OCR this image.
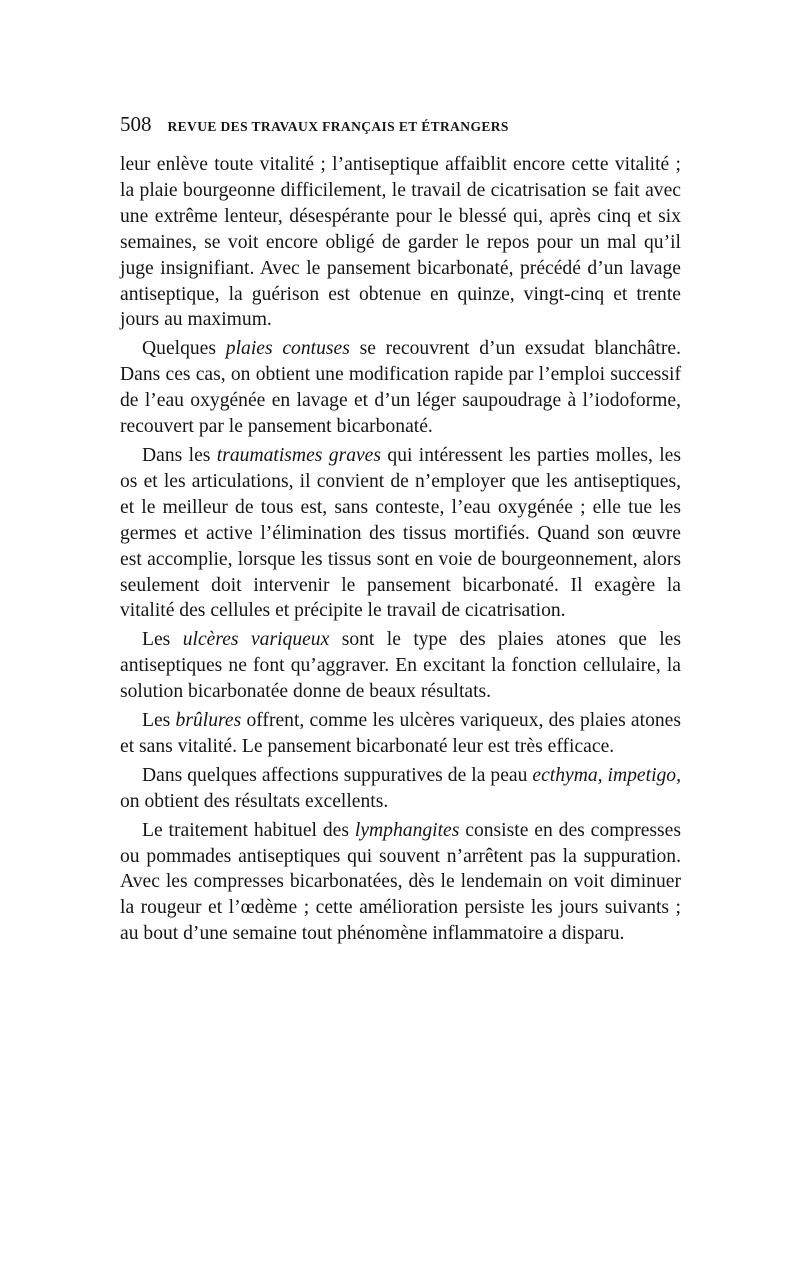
508 REVUE DES TRAVAUX FRANÇAIS ET ÉTRANGERS

leur enlève toute vitalité ; l’antiseptique affaiblit encore cette vitalité ; la plaie bourgeonne difficilement, le travail de cicatrisation se fait avec une extrême lenteur, désespérante pour le blessé qui, après cinq et six semaines, se voit encore obligé de garder le repos pour un mal qu’il juge insignifiant. Avec le pansement bicarbonaté, précédé d’un lavage antiseptique, la guérison est obtenue en quinze, vingt-cinq et trente jours au maximum.

Quelques plaies contuses se recouvrent d’un exsudat blanchâtre. Dans ces cas, on obtient une modification rapide par l’emploi successif de l’eau oxygénée en lavage et d’un léger saupoudrage à l’iodoforme, recouvert par le pansement bicarbonaté.

Dans les traumatismes graves qui intéressent les parties molles, les os et les articulations, il convient de n’employer que les antiseptiques, et le meilleur de tous est, sans conteste, l’eau oxygénée ; elle tue les germes et active l’élimination des tissus mortifiés. Quand son œuvre est accomplie, lorsque les tissus sont en voie de bourgeonnement, alors seulement doit intervenir le pansement bicarbonaté. Il exagère la vitalité des cellules et précipite le travail de cicatrisation.

Les ulcères variqueux sont le type des plaies atones que les antiseptiques ne font qu’aggraver. En excitant la fonction cellulaire, la solution bicarbonatée donne de beaux résultats.

Les brûlures offrent, comme les ulcères variqueux, des plaies atones et sans vitalité. Le pansement bicarbonaté leur est très efficace.

Dans quelques affections suppuratives de la peau ecthyma, impetigo, on obtient des résultats excellents.

Le traitement habituel des lymphangites consiste en des compresses ou pommades antiseptiques qui souvent n’arrêtent pas la suppuration. Avec les compresses bicarbonatées, dès le lendemain on voit diminuer la rougeur et l’œdème ; cette amélioration persiste les jours suivants ; au bout d’une semaine tout phénomène inflammatoire a disparu.
